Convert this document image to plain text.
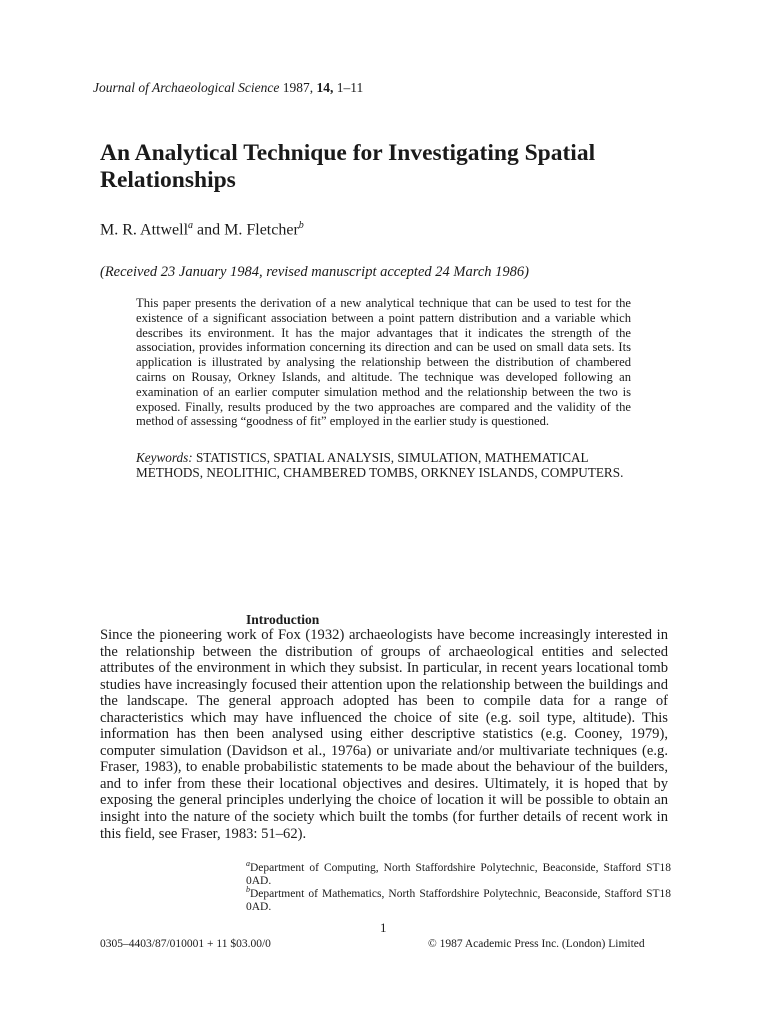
Journal of Archaeological Science 1987, 14, 1–11
An Analytical Technique for Investigating Spatial Relationships
M. R. Attwell$^a$ and M. Fletcher$^b$
(Received 23 January 1984, revised manuscript accepted 24 March 1986)
This paper presents the derivation of a new analytical technique that can be used to test for the existence of a significant association between a point pattern distribution and a variable which describes its environment. It has the major advantages that it indicates the strength of the association, provides information concerning its direction and can be used on small data sets. Its application is illustrated by analysing the relationship between the distribution of chambered cairns on Rousay, Orkney Islands, and altitude. The technique was developed following an examination of an earlier computer simulation method and the relationship between the two is exposed. Finally, results produced by the two approaches are compared and the validity of the method of assessing “goodness of fit” employed in the earlier study is questioned.
Keywords: STATISTICS, SPATIAL ANALYSIS, SIMULATION, MATHEMATICAL METHODS, NEOLITHIC, CHAMBERED TOMBS, ORKNEY ISLANDS, COMPUTERS.
Introduction
Since the pioneering work of Fox (1932) archaeologists have become increasingly interested in the relationship between the distribution of groups of archaeological entities and selected attributes of the environment in which they subsist. In particular, in recent years locational tomb studies have increasingly focused their attention upon the relationship between the buildings and the landscape. The general approach adopted has been to compile data for a range of characteristics which may have influenced the choice of site (e.g. soil type, altitude). This information has then been analysed using either descriptive statistics (e.g. Cooney, 1979), computer simulation (Davidson et al., 1976a) or univariate and/or multivariate techniques (e.g. Fraser, 1983), to enable probabilistic statements to be made about the behaviour of the builders, and to infer from these their locational objectives and desires. Ultimately, it is hoped that by exposing the general principles underlying the choice of location it will be possible to obtain an insight into the nature of the society which built the tombs (for further details of recent work in this field, see Fraser, 1983: 51–62).
$^a$Department of Computing, North Staffordshire Polytechnic, Beaconside, Stafford ST18 0AD.
$^b$Department of Mathematics, North Staffordshire Polytechnic, Beaconside, Stafford ST18 0AD.
1
0305–4403/87/010001 + 11 $03.00/0	© 1987 Academic Press Inc. (London) Limited
